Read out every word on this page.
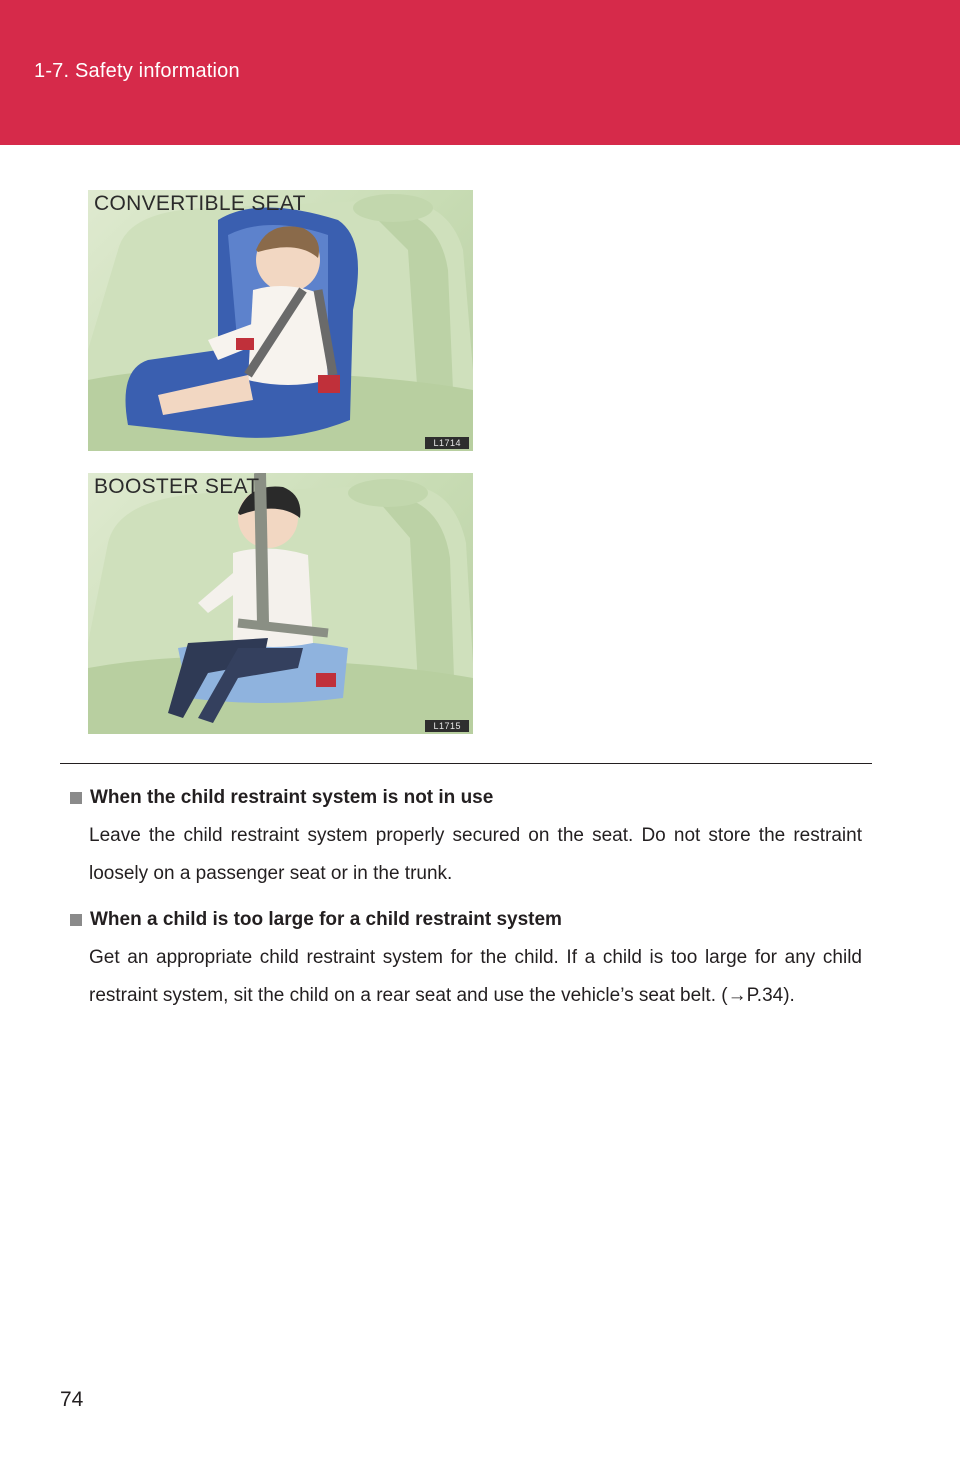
1-7. Safety information
CONVERTIBLE SEAT
L1714
BOOSTER SEAT
L1715
When the child restraint system is not in use
Leave the child restraint system properly secured on the seat. Do not store the restraint loosely on a passenger seat or in the trunk.
When a child is too large for a child restraint system
Get an appropriate child restraint system for the child. If a child is too large for any child restraint system, sit the child on a rear seat and use the vehicle’s seat belt. (→P.34).
74
